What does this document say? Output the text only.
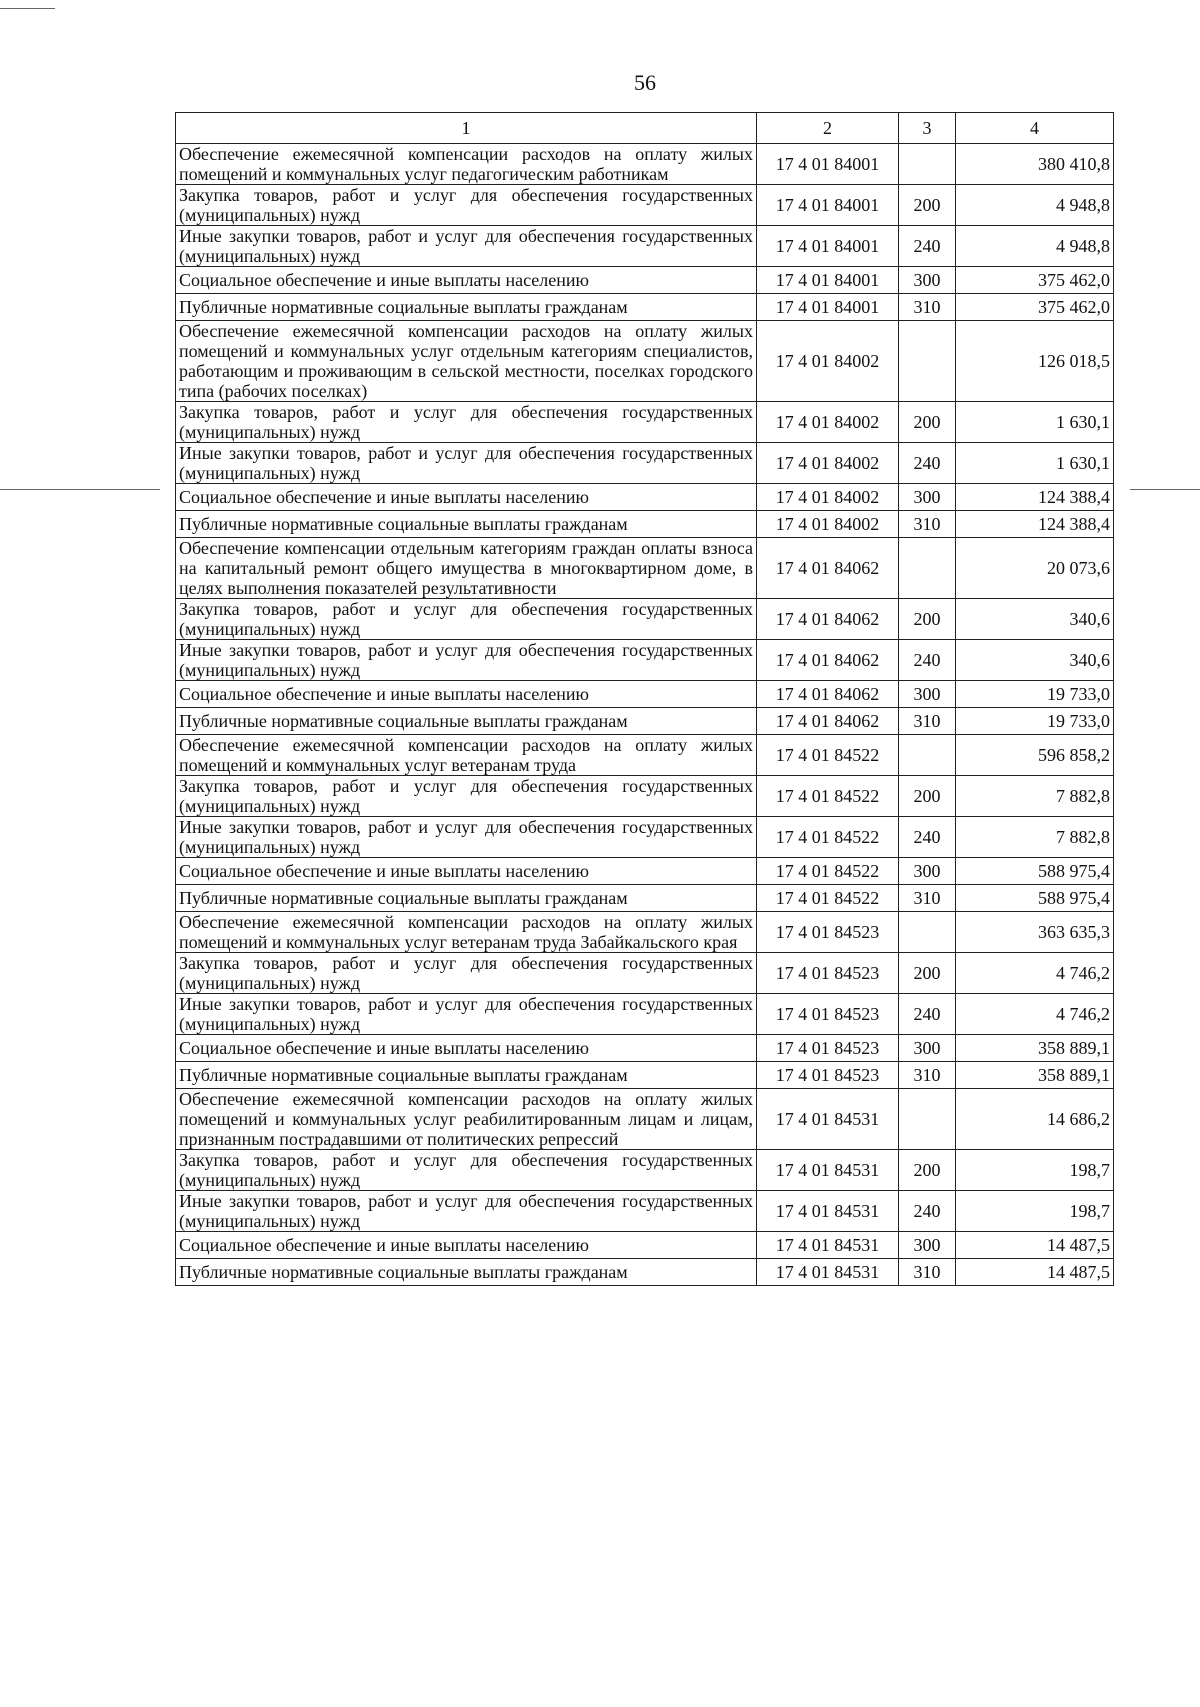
56
1	2	3	4
Обеспечение ежемесячной компенсации расходов на оплату жилых помещений и коммунальных услуг педагогическим работникам	17 4 01 84001		380 410,8
Закупка товаров, работ и услуг для обеспечения государственных (муниципальных) нужд	17 4 01 84001	200	4 948,8
Иные закупки товаров, работ и услуг для обеспечения государственных (муниципальных) нужд	17 4 01 84001	240	4 948,8
Социальное обеспечение и иные выплаты населению	17 4 01 84001	300	375 462,0
Публичные нормативные социальные выплаты гражданам	17 4 01 84001	310	375 462,0
Обеспечение ежемесячной компенсации расходов на оплату жилых помещений и коммунальных услуг отдельным категориям специалистов, работающим и проживающим в сельской местности, поселках городского типа (рабочих поселках)	17 4 01 84002		126 018,5
Закупка товаров, работ и услуг для обеспечения государственных (муниципальных) нужд	17 4 01 84002	200	1 630,1
Иные закупки товаров, работ и услуг для обеспечения государственных (муниципальных) нужд	17 4 01 84002	240	1 630,1
Социальное обеспечение и иные выплаты населению	17 4 01 84002	300	124 388,4
Публичные нормативные социальные выплаты гражданам	17 4 01 84002	310	124 388,4
Обеспечение компенсации отдельным категориям граждан оплаты взноса на капитальный ремонт общего имущества в многоквартирном доме, в целях выполнения показателей результативности	17 4 01 84062		20 073,6
Закупка товаров, работ и услуг для обеспечения государственных (муниципальных) нужд	17 4 01 84062	200	340,6
Иные закупки товаров, работ и услуг для обеспечения государственных (муниципальных) нужд	17 4 01 84062	240	340,6
Социальное обеспечение и иные выплаты населению	17 4 01 84062	300	19 733,0
Публичные нормативные социальные выплаты гражданам	17 4 01 84062	310	19 733,0
Обеспечение ежемесячной компенсации расходов на оплату жилых помещений и коммунальных услуг ветеранам труда	17 4 01 84522		596 858,2
Закупка товаров, работ и услуг для обеспечения государственных (муниципальных) нужд	17 4 01 84522	200	7 882,8
Иные закупки товаров, работ и услуг для обеспечения государственных (муниципальных) нужд	17 4 01 84522	240	7 882,8
Социальное обеспечение и иные выплаты населению	17 4 01 84522	300	588 975,4
Публичные нормативные социальные выплаты гражданам	17 4 01 84522	310	588 975,4
Обеспечение ежемесячной компенсации расходов на оплату жилых помещений и коммунальных услуг ветеранам труда Забайкальского края	17 4 01 84523		363 635,3
Закупка товаров, работ и услуг для обеспечения государственных (муниципальных) нужд	17 4 01 84523	200	4 746,2
Иные закупки товаров, работ и услуг для обеспечения государственных (муниципальных) нужд	17 4 01 84523	240	4 746,2
Социальное обеспечение и иные выплаты населению	17 4 01 84523	300	358 889,1
Публичные нормативные социальные выплаты гражданам	17 4 01 84523	310	358 889,1
Обеспечение ежемесячной компенсации расходов на оплату жилых помещений и коммунальных услуг реабилитированным лицам и лицам, признанным пострадавшими от политических репрессий	17 4 01 84531		14 686,2
Закупка товаров, работ и услуг для обеспечения государственных (муниципальных) нужд	17 4 01 84531	200	198,7
Иные закупки товаров, работ и услуг для обеспечения государственных (муниципальных) нужд	17 4 01 84531	240	198,7
Социальное обеспечение и иные выплаты населению	17 4 01 84531	300	14 487,5
Публичные нормативные социальные выплаты гражданам	17 4 01 84531	310	14 487,5
